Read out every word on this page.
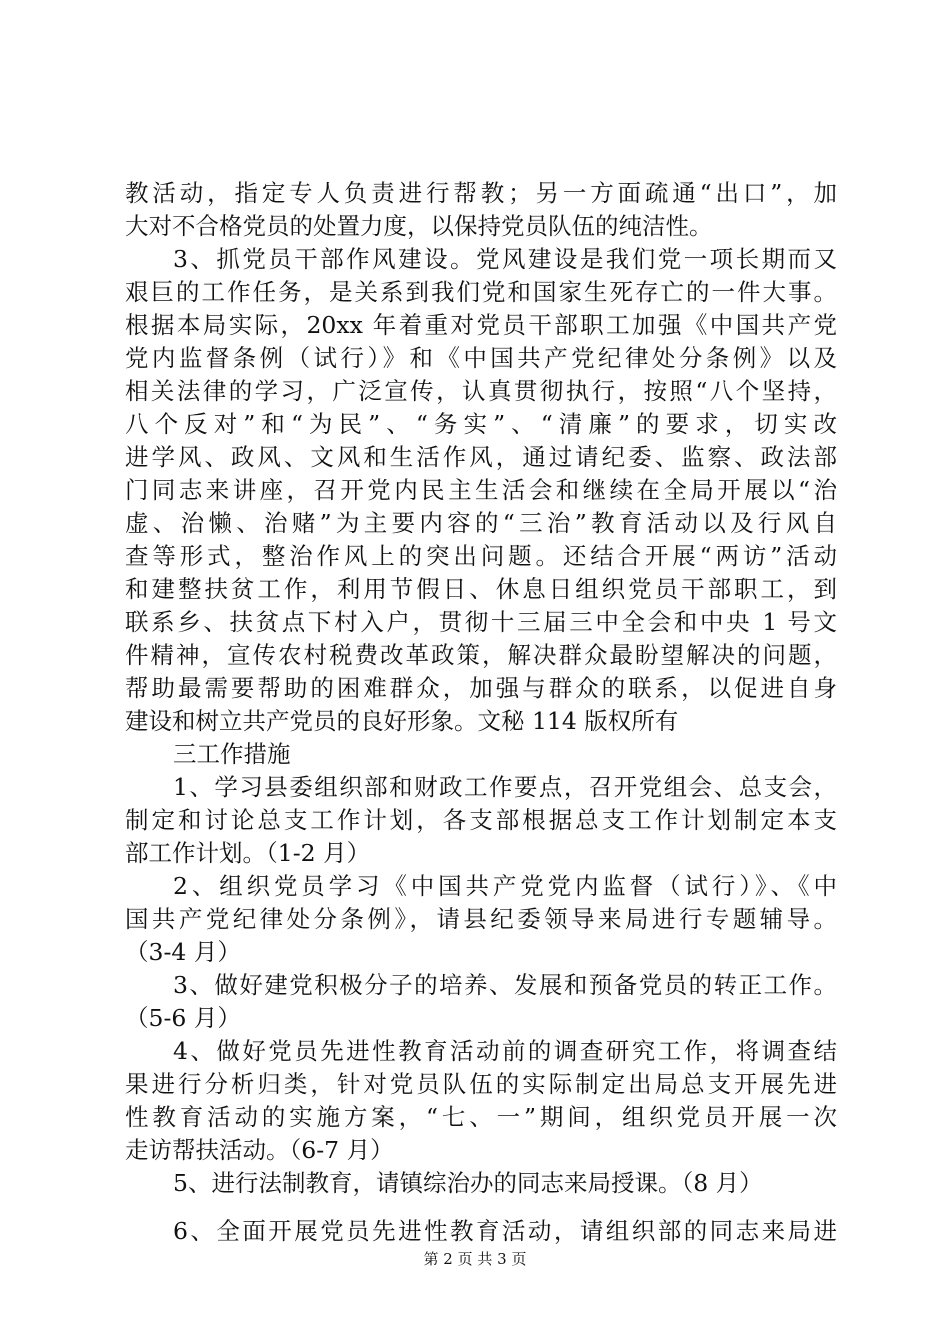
教活动，指定专人负责进行帮教；另一方面疏通“出口”，加
大对不合格党员的处置力度，以保持党员队伍的纯洁性。
3、抓党员干部作风建设。党风建设是我们党一项长期而又
艰巨的工作任务，是关系到我们党和国家生死存亡的一件大事。
根据本局实际，20xx 年着重对党员干部职工加强《中国共产党
党内监督条例（试行）》和《中国共产党纪律处分条例》以及
相关法律的学习，广泛宣传，认真贯彻执行，按照“八个坚持，
八个反对”和“为民”、“务实”、“清廉”的要求，切实改
进学风、政风、文风和生活作风，通过请纪委、监察、政法部
门同志来讲座，召开党内民主生活会和继续在全局开展以“治
虚、治懒、治赌”为主要内容的“三治”教育活动以及行风自
查等形式，整治作风上的突出问题。还结合开展“两访”活动
和建整扶贫工作，利用节假日、休息日组织党员干部职工，到
联系乡、扶贫点下村入户，贯彻十三届三中全会和中央 1 号文
件精神，宣传农村税费改革政策，解决群众最盼望解决的问题，
帮助最需要帮助的困难群众，加强与群众的联系，以促进自身
建设和树立共产党员的良好形象。文秘 114 版权所有
三工作措施
1、学习县委组织部和财政工作要点，召开党组会、总支会，
制定和讨论总支工作计划，各支部根据总支工作计划制定本支
部工作计划。（1-2 月）
2、组织党员学习《中国共产党党内监督（试行）》、《中
国共产党纪律处分条例》，请县纪委领导来局进行专题辅导。
（3-4 月）
3、做好建党积极分子的培养、发展和预备党员的转正工作。
（5-6 月）
4、做好党员先进性教育活动前的调查研究工作，将调查结
果进行分析归类，针对党员队伍的实际制定出局总支开展先进
性教育活动的实施方案，“七、一”期间，组织党员开展一次
走访帮扶活动。（6-7 月）
5、进行法制教育，请镇综治办的同志来局授课。（8 月）
6、全面开展党员先进性教育活动，请组织部的同志来局进
第 2 页 共 3 页
